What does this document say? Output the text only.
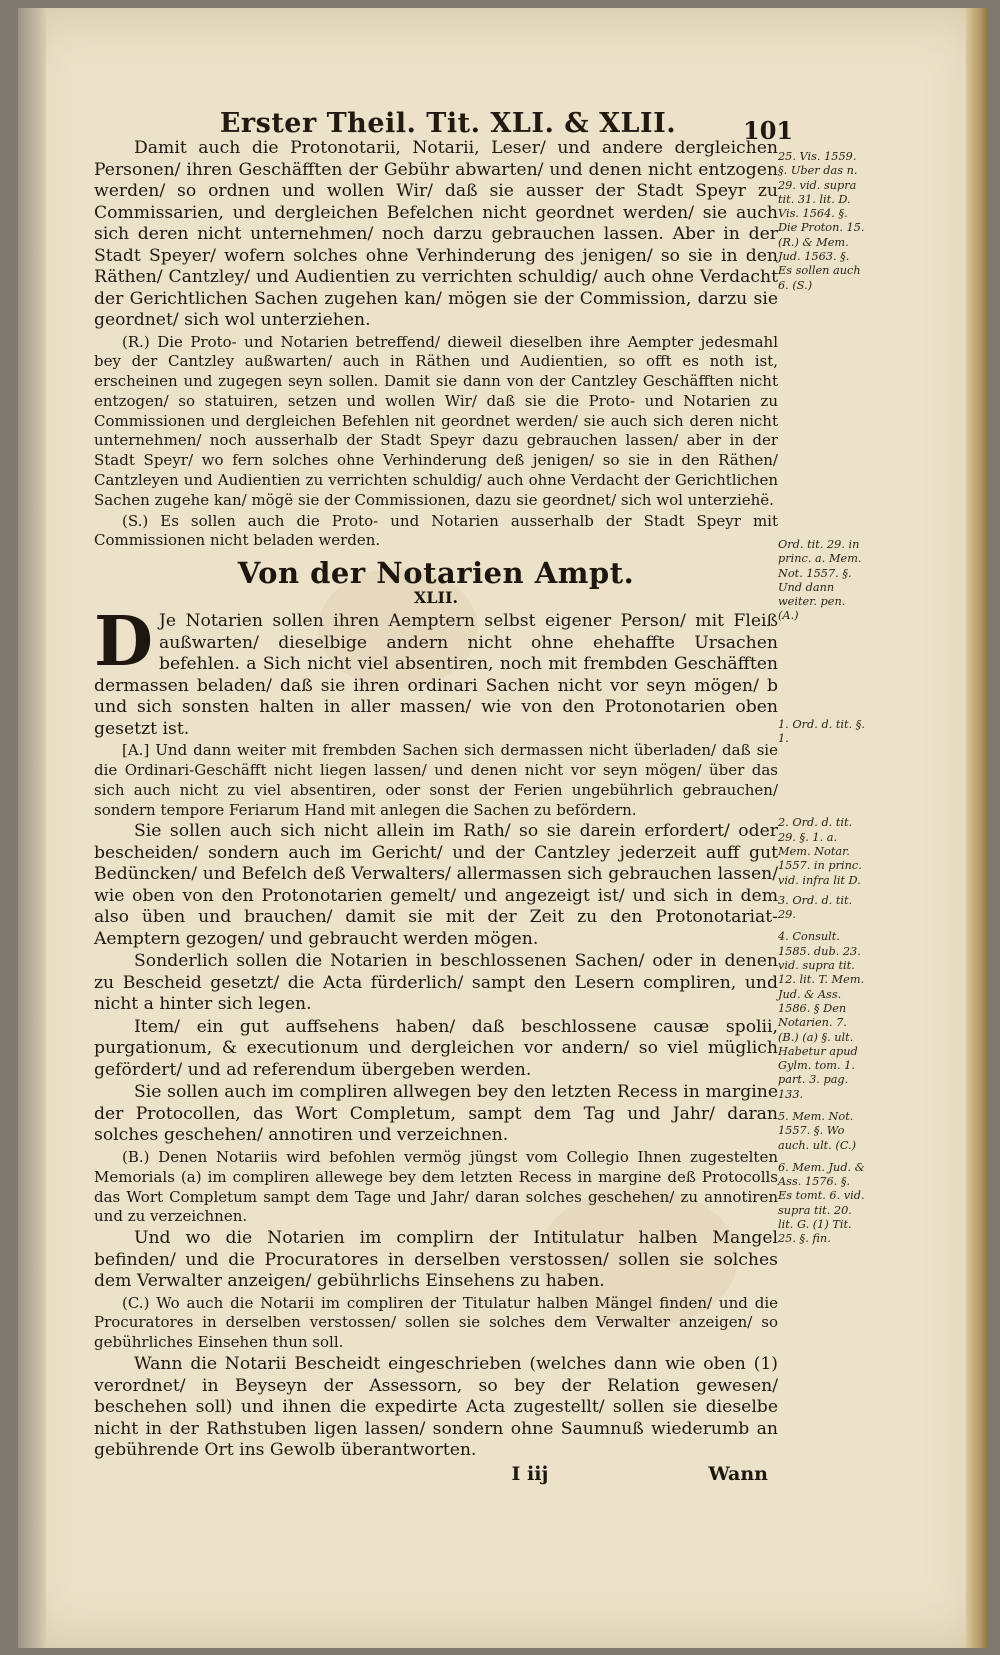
Erster Theil. Tit. XLI. & XLII.	101

Damit auch die Protonotarii, Notarii, Leser/ und andere dergleichen Personen/ ihren Geschäfften der Gebühr abwarten/ und denen nicht entzogen werden/ so ordnen und wollen Wir/ daß sie ausser der Stadt Speyr zu Commissarien, und dergleichen Befelchen nicht geordnet werden/ sie auch sich deren nicht unternehmen/ noch darzu gebrauchen lassen. Aber in der Stadt Speyer/ wofern solches ohne Verhinderung des jenigen/ so sie in den Räthen/ Cantzley/ und Audientien zu verrichten schuldig/ auch ohne Verdacht der Gerichtlichen Sachen zugehen kan/ mögen sie der Commission, darzu sie geordnet/ sich wol unterziehen.

(R.) Die Proto- und Notarien betreffend/ dieweil dieselben ihre Aempter jedesmahl bey der Cantzley außwarten/ auch in Räthen und Audientien, so offt es noth ist, erscheinen und zugegen seyn sollen. Damit sie dann von der Cantzley Geschäfften nicht entzogen/ so statuiren, setzen und wollen Wir/ daß sie die Proto- und Notarien zu Commissionen und dergleichen Befehlen nit geordnet werden/ sie auch sich deren nicht unternehmen/ noch ausserhalb der Stadt Speyr dazu gebrauchen lassen/ aber in der Stadt Speyr/ wo fern solches ohne Verhinderung deß jenigen/ so sie in den Räthen/ Cantzleyen und Audientien zu verrichten schuldig/ auch ohne Verdacht der Gerichtlichen Sachen zugehe kan/ mögë sie der Commissionen, dazu sie geordnet/ sich wol unterziehë.

(S.) Es sollen auch die Proto- und Notarien ausserhalb der Stadt Speyr mit Commissionen nicht beladen werden.

Von der Notarien Ampt.
XLII.

D Je Notarien sollen ihren Aemptern selbst eigener Person/ mit Fleiß außwarten/ dieselbige andern nicht ohne ehehaffte Ursachen befehlen. a Sich nicht viel absentiren, noch mit frembden Geschäfften dermassen beladen/ daß sie ihren ordinari Sachen nicht vor seyn mögen/ b und sich sonsten halten in aller massen/ wie von den Protonotarien oben gesetzt ist.

[A.] Und dann weiter mit frembden Sachen sich dermassen nicht überladen/ daß sie die Ordinari-Geschäfft nicht liegen lassen/ und denen nicht vor seyn mögen/ über das sich auch nicht zu viel absentiren, oder sonst der Ferien ungebührlich gebrauchen/ sondern tempore Feriarum Hand mit anlegen die Sachen zu befördern.

Sie sollen auch sich nicht allein im Rath/ so sie darein erfordert/ oder bescheiden/ sondern auch im Gericht/ und der Cantzley jederzeit auff gut Bedüncken/ und Befelch deß Verwalters/ allermassen sich gebrauchen lassen/ wie oben von den Protonotarien gemelt/ und angezeigt ist/ und sich in dem also üben und brauchen/ damit sie mit der Zeit zu den Protonotariat-Aemptern gezogen/ und gebraucht werden mögen.

Sonderlich sollen die Notarien in beschlossenen Sachen/ oder in denen zu Bescheid gesetzt/ die Acta fürderlich/ sampt den Lesern compliren, und nicht a hinter sich legen.

Item/ ein gut auffsehens haben/ daß beschlossene causæ spolii, purgationum, & executionum und dergleichen vor andern/ so viel müglich gefördert/ und ad referendum übergeben werden.

Sie sollen auch im compliren allwegen bey den letzten Recess in margine der Protocollen, das Wort Completum, sampt dem Tag und Jahr/ daran solches geschehen/ annotiren und verzeichnen.

(B.) Denen Notariis wird befohlen vermög jüngst vom Collegio Ihnen zugestelten Memorials (a) im compliren allewege bey dem letzten Recess in margine deß Protocolls das Wort Completum sampt dem Tage und Jahr/ daran solches geschehen/ zu annotiren und zu verzeichnen.

Und wo die Notarien im complirn der Intitulatur halben Mangel befinden/ und die Procuratores in derselben verstossen/ sollen sie solches dem Verwalter anzeigen/ gebührlichs Einsehens zu haben.

(C.) Wo auch die Notarii im compliren der Titulatur halben Mängel finden/ und die Procuratores in derselben verstossen/ sollen sie solches dem Verwalter anzeigen/ so gebührliches Einsehen thun soll.

Wann die Notarii Bescheidt eingeschrieben (welches dann wie oben (1) verordnet/ in Beyseyn der Assessorn, so bey der Relation gewesen/ beschehen soll) und ihnen die expedirte Acta zugestellt/ sollen sie dieselbe nicht in der Rathstuben ligen lassen/ sondern ohne Saumnuß wiederumb an gebührende Ort ins Gewolb überantworten.

I iij	Wann

25. Vis. 1559. §. Uber das n. 29. vid. supra tit. 31. lit. D. Vis. 1564. §. Die Proton. 15. (R.) & Mem. Jud. 1563. §. Es sollen auch 6. (S.)

Ord. tit. 29. in princ. a. Mem. Not. 1557. §. Und dann weiter. pen. (A.)

1. Ord. d. tit. §. 1.

2. Ord. d. tit. 29. §. 1. a. Mem. Notar. 1557. in princ. vid. infra lit D.

3. Ord. d. tit. 29.

4. Consult. 1585. dub. 23. vid. supra tit. 12. lit. T. Mem. Jud. & Ass. 1586. § Den Notarien. 7. (B.) (a) §. ult. Habetur apud Gylm. tom. 1. part. 3. pag. 133.

5. Mem. Not. 1557. §. Wo auch. ult. (C.)

6. Mem. Jud. & Ass. 1576. §. Es tomt. 6. vid. supra tit. 20. lit. G. (1) Tit. 25. §. fin.
